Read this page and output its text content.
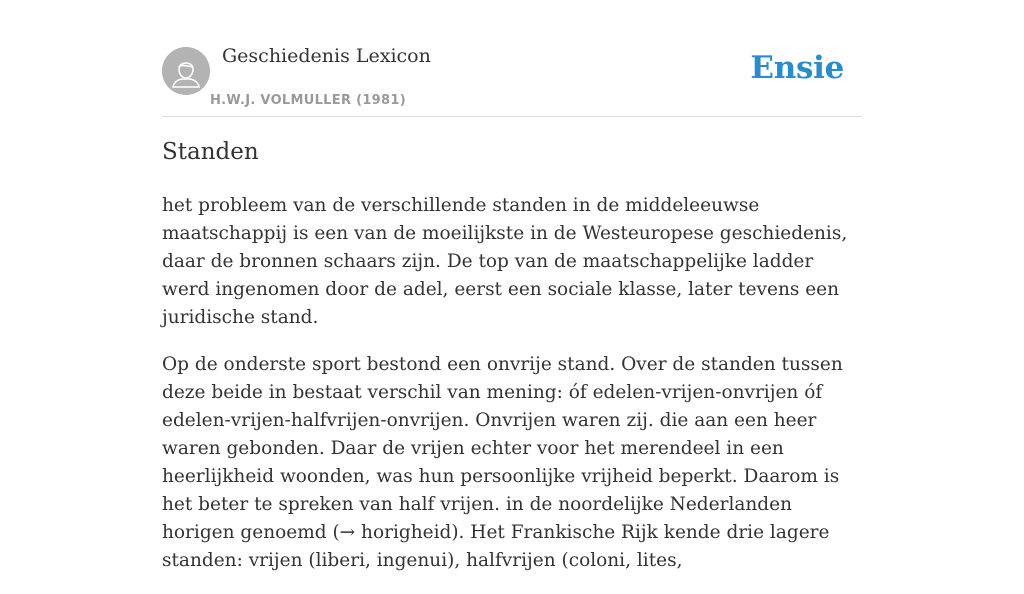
Geschiedenis Lexicon
H.W.J. VOLMULLER (1981)
Ensie
Standen

het probleem van de verschillende standen in de middeleeuwse maatschappij is een van de moeilijkste in de Westeuropese geschiedenis, daar de bronnen schaars zijn. De top van de maatschappelijke ladder werd ingenomen door de adel, eerst een sociale klasse, later tevens een juridische stand.

Op de onderste sport bestond een onvrije stand. Over de standen tussen deze beide in bestaat verschil van mening: óf edelen-vrijen-onvrijen óf edelen-vrijen-halfvrijen-onvrijen. Onvrijen waren zij. die aan een heer waren gebonden. Daar de vrijen echter voor het merendeel in een heerlijkheid woonden, was hun persoonlijke vrijheid beperkt. Daarom is het beter te spreken van half vrijen. in de noordelijke Nederlanden horigen genoemd (→ horigheid). Het Frankische Rijk kende drie lagere standen: vrijen (liberi, ingenui), halfvrijen (coloni, lites,
